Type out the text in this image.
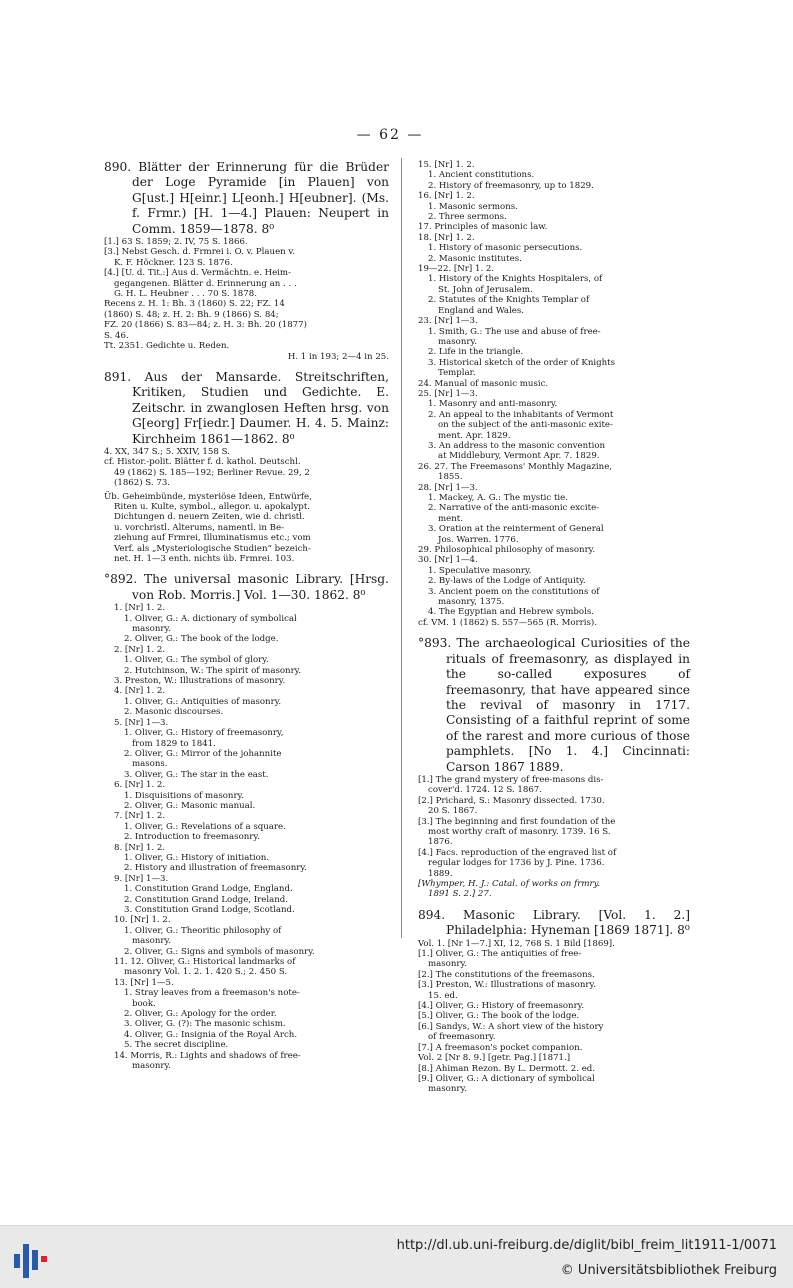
— 62 —
890. Blätter der Erinnerung für die Brüder der Loge Pyramide [in Plauen] von G[ust.] H[einr.] L[eonh.] H[eubner]. (Ms. f. Frmr.) [H. 1—4.] Plauen: Neupert in Comm. 1859—1878. 8⁰
[1.] 63 S. 1859; 2. IV, 75 S. 1866.
[3.] Nebst Gesch. d. Frmrei i. O. v. Plauen v.
K. F. Höckner. 123 S. 1876.
[4.] [U. d. Tit.:] Aus d. Vermächtn. e. Heim-
gegangenen. Blätter d. Erinnerung an . . .
G. H. L. Heubner . . . 70 S. 1878.
Recens z. H. 1: Bh. 3 (1860) S. 22; FZ. 14
(1860) S. 48; z. H. 2: Bh. 9 (1866) S. 84;
FZ. 20 (1866) S. 83—84; z. H. 3: Bh. 20 (1877)
S. 46.
Tt. 2351. Gedichte u. Reden.
H. 1 in 193; 2—4 in 25.
891. Aus der Mansarde. Streitschriften, Kritiken, Studien und Gedichte. E. Zeitschr. in zwanglosen Heften hrsg. von G[eorg] Fr[iedr.] Daumer. H. 4. 5. Mainz: Kirchheim 1861—1862. 8⁰
4. XX, 347 S.; 5. XXIV, 158 S.
cf. Histor.-polit. Blätter f. d. kathol. Deutschl.
49 (1862) S. 185—192; Berliner Revue. 29, 2
(1862) S. 73.
Üb. Geheimbünde, mysteriöse Ideen, Entwürfe,
Riten u. Kulte, symbol., allegor. u. apokalypt.
Dichtungen d. neuern Zeiten, wie d. christl.
u. vorchristl. Alterums, namentl. in Be-
ziehung auf Frmrei, Illuminatismus etc.; vom
Verf. als „Mysteriologische Studien“ bezeich-
net. H. 1—3 enth. nichts üb. Frmrei. 103.
°892. The universal masonic Library. [Hrsg. von Rob. Morris.] Vol. 1—30. 1862. 8⁰
1. [Nr] 1. 2.
1. Oliver, G.: A. dictionary of symbolical
masonry.
2. Oliver, G.: The book of the lodge.
2. [Nr] 1. 2.
1. Oliver, G.: The symbol of glory.
2. Hutchinson, W.: The spirit of masonry.
3. Preston, W.: Illustrations of masonry.
4. [Nr] 1. 2.
1. Oliver, G.: Antiquities of masonry.
2. Masonic discourses.
5. [Nr] 1—3.
1. Oliver, G.: History of freemasonry,
from 1829 to 1841.
2. Oliver, G.: Mirror of the johannite
masons.
3. Oliver, G.: The star in the east.
6. [Nr] 1. 2.
1. Disquisitions of masonry.
2. Oliver, G.: Masonic manual.
7. [Nr] 1. 2.
1. Oliver, G.: Revelations of a square.
2. Introduction to freemasonry.
8. [Nr] 1. 2.
1. Oliver, G.: History of initiation.
2. History and illustration of freemasonry.
9. [Nr] 1—3.
1. Constitution Grand Lodge, England.
2. Constitution Grand Lodge, Ireland.
3. Constitution Grand Lodge, Scotland.
10. [Nr] 1. 2.
1. Oliver, G.: Theoritic philosophy of
masonry.
2. Oliver, G.: Signs and symbols of masonry.
11. 12. Oliver, G.: Historical landmarks of
masonry Vol. 1. 2. 1. 420 S.; 2. 450 S.
13. [Nr] 1—5.
1. Stray leaves from a freemason's note-
book.
2. Oliver, G.: Apology for the order.
3. Oliver, G. (?): The masonic schism.
4. Oliver, G.: Insignia of the Royal Arch.
5. The secret discipline.
14. Morris, R.: Lights and shadows of free-
masonry.
15. [Nr] 1. 2.
1. Ancient constitutions.
2. History of freemasonry, up to 1829.
16. [Nr] 1. 2.
1. Masonic sermons.
2. Three sermons.
17. Principles of masonic law.
18. [Nr] 1. 2.
1. History of masonic persecutions.
2. Masonic institutes.
19—22. [Nr] 1. 2.
1. History of the Knights Hospitalers, of
St. John of Jerusalem.
2. Statutes of the Knights Templar of
England and Wales.
23. [Nr] 1—3.
1. Smith, G.: The use and abuse of free-
masonry.
2. Life in the triangle.
3. Historical sketch of the order of Knights
Templar.
24. Manual of masonic music.
25. [Nr] 1—3.
1. Masonry and anti-masonry.
2. An appeal to the inhabitants of Vermont
on the subject of the anti-masonic exite-
ment. Apr. 1829.
3. An address to the masonic convention
at Middlebury, Vermont Apr. 7. 1829.
26. 27. The Freemasons' Monthly Magazine,
1855.
28. [Nr] 1—3.
1. Mackey, A. G.: The mystic tie.
2. Narrative of the anti-masonic excite-
ment.
3. Oration at the reinterment of General
Jos. Warren. 1776.
29. Philosophical philosophy of masonry.
30. [Nr] 1—4.
1. Speculative masonry.
2. By-laws of the Lodge of Antiquity.
3. Ancient poem on the constitutions of
masonry, 1375.
4. The Egyptian and Hebrew symbols.
cf. VM. 1 (1862) S. 557—565 (R. Morris).
°893. The archaeological Curiosities of the rituals of freemasonry, as displayed in the so-called exposures of freemasonry, that have appeared since the revival of masonry in 1717. Consisting of a faithful reprint of some of the rarest and more curious of those pamphlets. [No 1. 4.] Cincinnati: Carson 1867 1889.
[1.] The grand mystery of free-masons dis-
cover'd. 1724. 12 S. 1867.
[2.] Prichard, S.: Masonry dissected. 1730.
20 S. 1867.
[3.] The beginning and first foundation of the
most worthy craft of masonry. 1739. 16 S.
1876.
[4.] Facs. reproduction of the engraved list of
regular lodges for 1736 by J. Pine. 1736.
1889.
[Whymper, H. J.: Catal. of works on frmry.
1891 S. 2.] 27.
894. Masonic Library. [Vol. 1. 2.] Philadelphia: Hyneman [1869 1871]. 8⁰
Vol. 1. [Nr 1—7.] XI, 12, 768 S. 1 Bild [1869].
[1.] Oliver, G.: The antiquities of free-
masonry.
[2.] The constitutions of the freemasons.
[3.] Preston, W.: Illustrations of masonry.
15. ed.
[4.] Oliver, G.: History of freemasonry.
[5.] Oliver, G.: The book of the lodge.
[6.] Sandys, W.: A short view of the history
of freemasonry.
[7.] A freemason's pocket companion.
Vol. 2 [Nr 8. 9.] [getr. Pag.] [1871.]
[8.] Ahiman Rezon. By L. Dermott. 2. ed.
[9.] Oliver, G.: A dictionary of symbolical
masonry.
http://dl.ub.uni-freiburg.de/diglit/bibl_freim_lit1911-1/0071
© Universitätsbibliothek Freiburg
